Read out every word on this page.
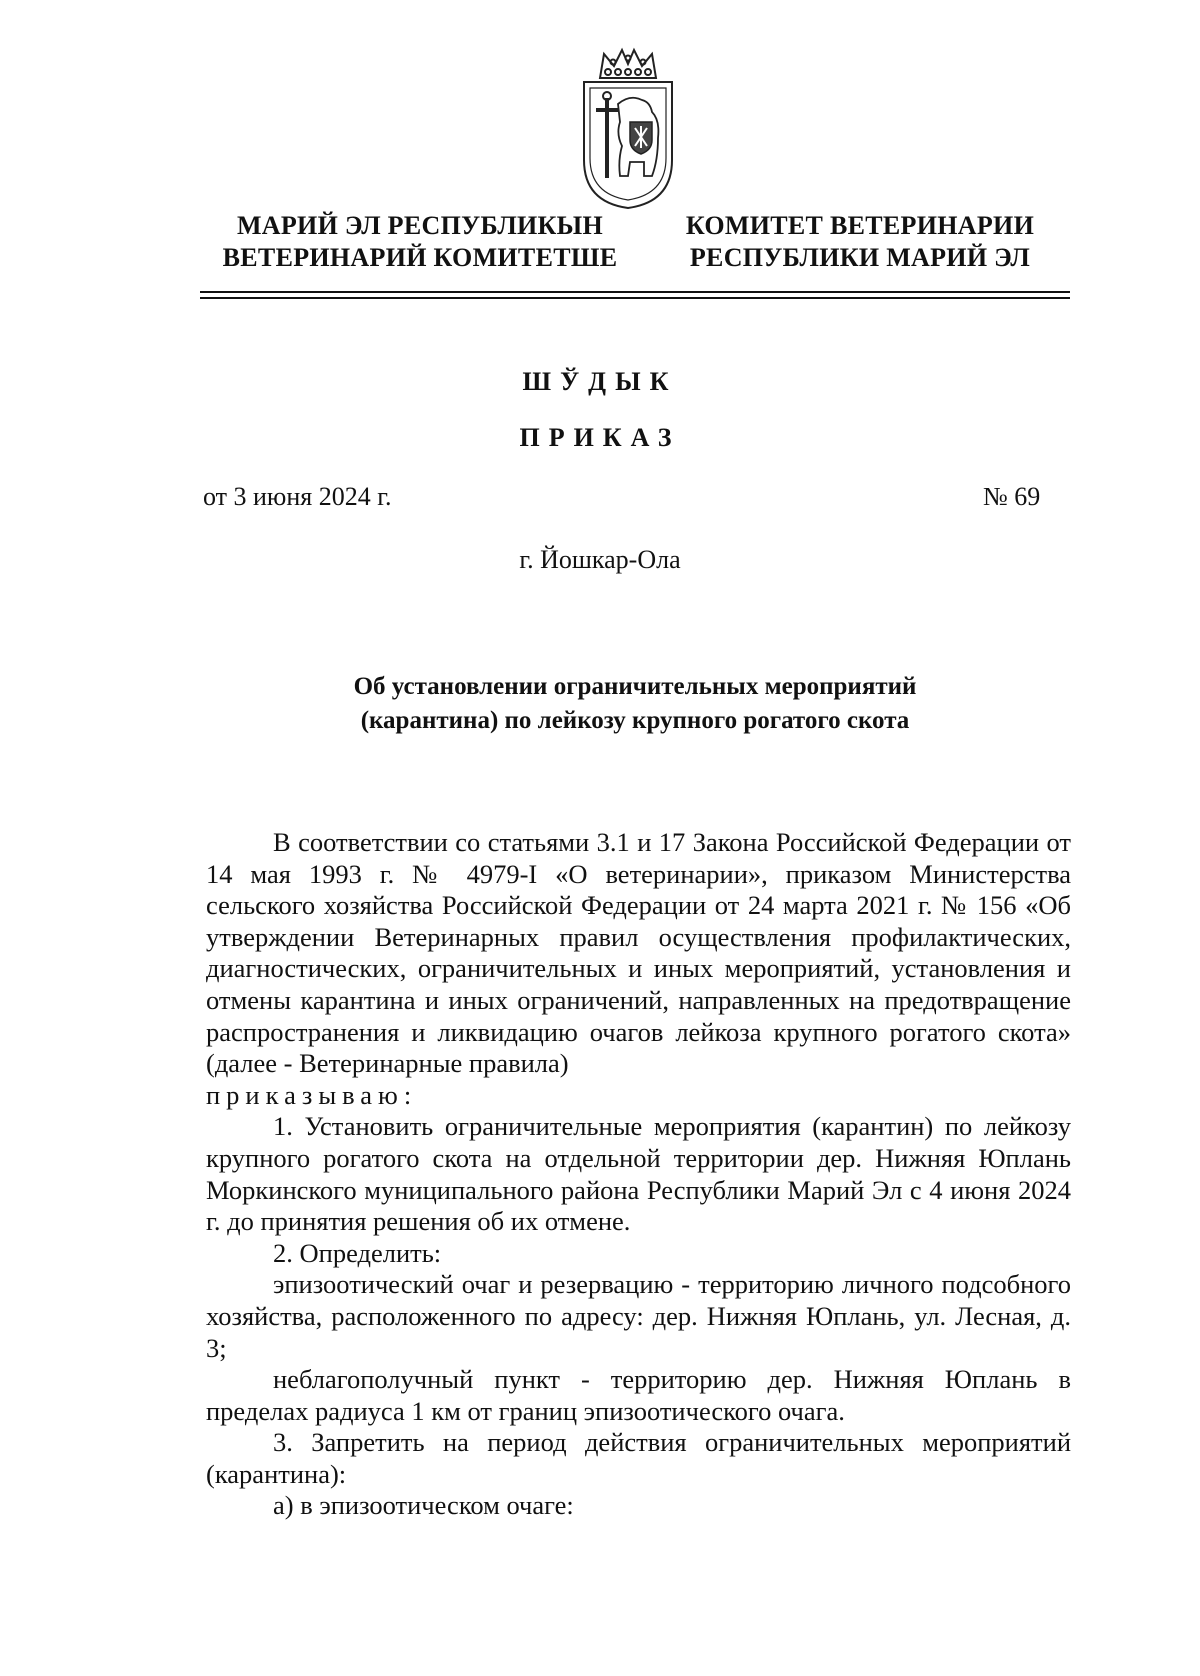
МАРИЙ ЭЛ РЕСПУБЛИКЫН
ВЕТЕРИНАРИЙ КОМИТЕТШЕ
КОМИТЕТ ВЕТЕРИНАРИИ
РЕСПУБЛИКИ МАРИЙ ЭЛ
ШЎДЫК
ПРИКАЗ
от 3 июня 2024 г.	№ 69
г. Йошкар-Ола
Об установлении ограничительных мероприятий
(карантина) по лейкозу крупного рогатого скота

В соответствии со статьями 3.1 и 17 Закона Российской Федерации от 14 мая 1993 г. № 4979-I «О ветеринарии», приказом Министерства сельского хозяйства Российской Федерации от 24 марта 2021 г. № 156 «Об утверждении Ветеринарных правил осуществления профилактических, диагностических, ограничительных и иных мероприятий, установления и отмены карантина и иных ограничений, направленных на предотвращение распространения и ликвидацию очагов лейкоза крупного рогатого скота» (далее - Ветеринарные правила)

приказываю:

1. Установить ограничительные мероприятия (карантин) по лейкозу крупного рогатого скота на отдельной территории дер. Нижняя Юплань Моркинского муниципального района Республики Марий Эл с 4 июня 2024 г. до принятия решения об их отмене.

2. Определить:

эпизоотический очаг и резервацию - территорию личного подсобного хозяйства, расположенного по адресу: дер. Нижняя Юплань, ул. Лесная, д. 3;

неблагополучный пункт - территорию дер. Нижняя Юплань в пределах радиуса 1 км от границ эпизоотического очага.

3. Запретить на период действия ограничительных мероприятий (карантина):

а) в эпизоотическом очаге:
